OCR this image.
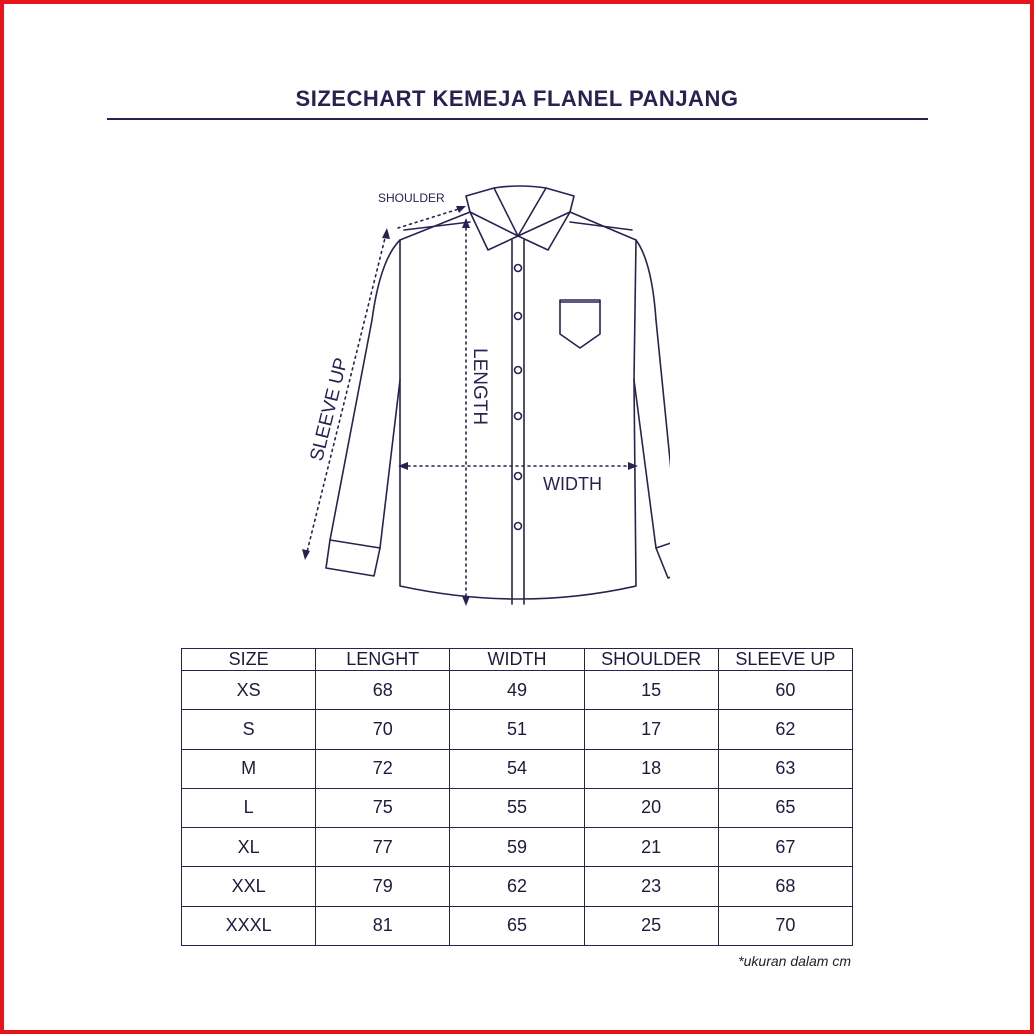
SIZECHART KEMEJA FLANEL PANJANG
SHOULDER
SLEEVE UP	LENGTH
WIDTH
SIZE	LENGHT	WIDTH	SHOULDER	SLEEVE UP
XS	68	49	15	60
S	70	51	17	62
M	72	54	18	63
L	75	55	20	65
XL	77	59	21	67
XXL	79	62	23	68
XXXL	81	65	25	70
*ukuran dalam cm
